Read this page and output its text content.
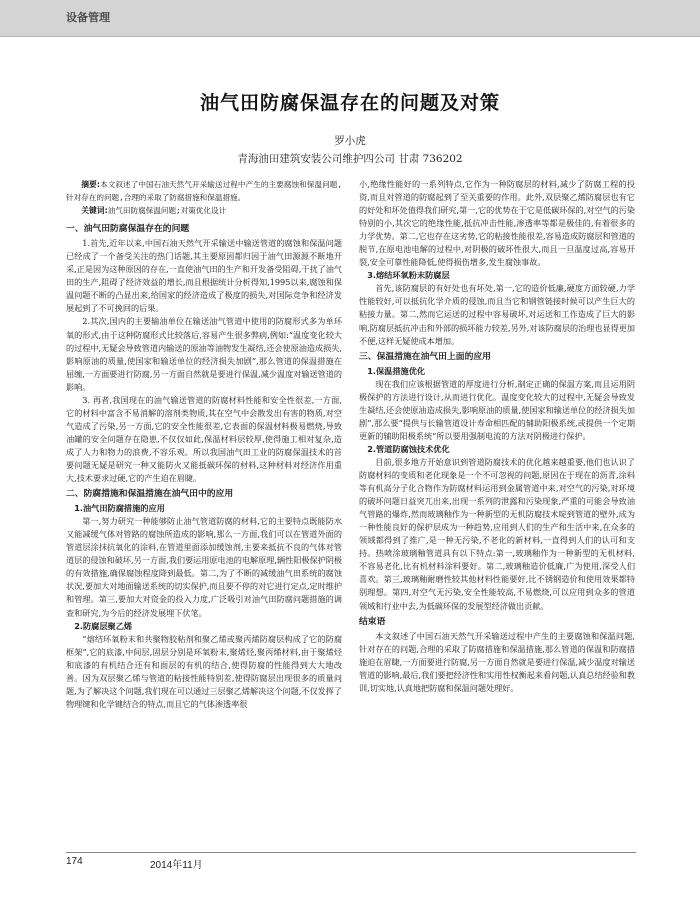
设备管理
油气田防腐保温存在的问题及对策
罗小虎
青海油田建筑安装公司维护四公司 甘肃 736202

摘要:本文叙述了中国石油天然气开采输送过程中产生的主要腐蚀和保温问题,针对存在的问题,合理的采取了防腐措施和保温措施。

关键词:油气田防腐保温问题;对策优化设计

一、油气田防腐保温存在的问题

1.首先,近年以来,中国石油天然气开采输送中输送管道的腐蚀和保温问题已经成了一个备受关注的热门话题,其主要原因都归因于油气田源源不断地开采,正是因为这种原因的存在,一直使油气田的生产和开发备受阻碍,干扰了油气田的生产,阻碍了经济效益的增长,而且根据统计分析得知,1995以来,腐蚀和保温问题不断的凸显出来,给国家的经济造成了极度的损失,对国际竞争和经济发展起到了不可挽回的后果。

2.其次,国内的主要输油单位在输送油气管道中使用的防腐形式多为单环氧的形式,由于这种防腐形式比较落后,容易产生很多弊病,例如:“温度变化较大的过程中,无疑会导致管道内输送的原油等油物发生凝结,还会使原油造成损失,影响原油的质量,使国家和输送单位的经济损失加剧”,那么管道的保温措施在屈缠,一方面要进行防腐,另一方面自然就是要进行保温,减少温度对输送管道的影响。

3. 再者,我国现在的油气输送管道的防腐材料性能和安全性很差,一方面,它的材料中富含不易消解的溶剂类物质,其在空气中会散发出有害的物质,对空气造成了污染,另一方面,它的安全性能很差,它表面的保温材料极易燃烧,导致油罐的安全问题存在隐患,不仅仅如此,保温材料层较厚,使得施工相对复杂,造成了人力和物力的浪费,不容乐观。所以我国油气田工业的防腐保温技术的首要问题无疑是研究一种又能防火又能抵碳环保的材料,这种材料对经济作用重大,技术要求过硬,它的产生迫在眉睫。

二、防腐措施和保温措施在油气田中的应用
1.油气田防腐措施的应用

第一,努力研究一种能够防止油气管道防腐的材料,它的主要特点既能防水又能减缓气体对管路的腐蚀所造成的影响,那么一方面,我们可以在管道外面的管道层涂抹抗氧化的涂料,在管道里面添加缓蚀剂,主要来抵抗不良的气体对管道层的侵蚀和破坏,另一方面,我们要运用原电池的电解原理,辆性阳极保护阴极的有效措施,确保腐蚀程度降到最低。第二,为了不断的减缓油气田系统的腐蚀状况,要加大对地面输送系统的切实保护,而且要不停的对它进行定点,定时维护和管理。第三,要加大对资金的投入力度,广泛吸引对油气田防腐问题措施的调查和研究,为今后的经济发展埋下伏笔。

2.防腐层聚乙烯

“熔结环氧粉末和共聚物胶粘剂和聚乙烯或聚丙烯防腐层构成了它的防腐框架”,它的底漆,中间层,固层分别是环氧粉末,聚烯烃,聚丙烯材料,由于聚烯烃和底漆的有机结合还有和面层的有机的结合,使得防腐的性能得到大大地改善。因为双层聚乙烯与管道的粘接性能特别差,使得防腐层出现很多的质量问题,为了解决这个问题,我们现在可以通过三层聚乙烯解决这个问题,不仅发挥了物理键和化学键结合的特点,而且它的气体渗透率很

小,绝缘性能好的一系列特点,它作为一种防腐层的材料,减少了防腐工程的投资,而且对管道的防腐起到了至关重要的作用。此外,双层聚乙烯防腐层也有它的好处和坏处值得我们研究,第一,它的优势在于它是低碳环保的,对空气的污染特别的小,其次它的绝缘性能,抵抗冲击性能,渗透率等都是极佳的,有着很多的力学优势。第二,它也存在这劣势,它的粘接性能很差,容易造成防腐层和管道的脱节,在原电池电解的过程中,对阴极的破坏性很大,而且一旦温度过高,容易开裂,安全可靠性能降低,使得损伤增多,发生腐蚀事故。

3.熔结环氧粉末防腐层

首先,该防腐层的有好处也有坏处,第一,它的造价低廉,硬度方面较硬,力学性能较好,可以抵抗化学介质的侵蚀,而且当它和钢管链接时候可以产生巨大的粘接力量。第二,然而它运送的过程中容易破坏,对运送和工作造成了巨大的影响,防腐层抵抗冲击和外部的损坏能力较差,另外,对该防腐层的治理也显得更加不便,这样无疑使成本增加。

三、保温措施在油气田上面的应用
1.保温措施优化

现在我们应该根据管道的厚度进行分析,制定正确的保温方案,而且运用阴极保护的方法进行设计,从而进行优化。温度变化较大的过程中,无疑会导致发生凝结,还会使原油造成损失,影响原油的质量,使国家和输送单位的经济损失加剧”,那么要“提供与长输管道设计寿命相匹配的辅助阳极系统,或提供一个定期更新的辅助阳极系统”所以要用强制电流的方法对阴极进行保护。

2.管道防腐蚀技术优化

目前,很多地方开始意识到管道防腐技术的优化越来越重要,他们也认识了防腐材料的变质和老化现象是一个不可忽视的问题,原因在于现在的沥青,涂料等有机高分子化合物作为防腐材料运用到金属管道中来,对空气的污染,对环境的破坏问题日益突兀出来,出现一系列的泄露和污染现象,严重的可能会导致油气管路的爆炸,然而玻璃釉作为一种新型的无机防腐技术啶到管道的壁外,成为一种性能良好的保护层成为一种趋势,应用到人们的生产和生活中来,在众多的领域都得到了推广,是一种无污染,不老化的新材料,一直得到人们的认可和支持。热喷涂玻璃釉管道具有以下特点:第一,玻璃釉作为一种新型的无机材料,不容易老化,比有机材料涂料要好。第二,玻璃釉造价低廉,广为使用,深受人们喜欢。第三,玻璃釉耐磨性较其他材料性能要好,比不锈钢造价和使用效果都特别理想。第四,对空气无污染,安全性能较高,不易燃烧,可以应用到众多的管道领域和行业中去,为低碳环保的发展型经济做出贡献。

结束语

本文叙述了中国石油天然气开采输送过程中产生的主要腐蚀和保温问题,针对存在的问题,合理的采取了防腐措施和保温措施,那么管道的保温和防腐措施迫在眉睫,一方面要进行防腐,另一方面自然就是要进行保温,减少温度对输送管道的影响,最后,我们要把经济性和实用性权衡起来看问题,认真总结经验和教训,切实地,认真地把防腐和保温问题处理好。

174	2014年11月
